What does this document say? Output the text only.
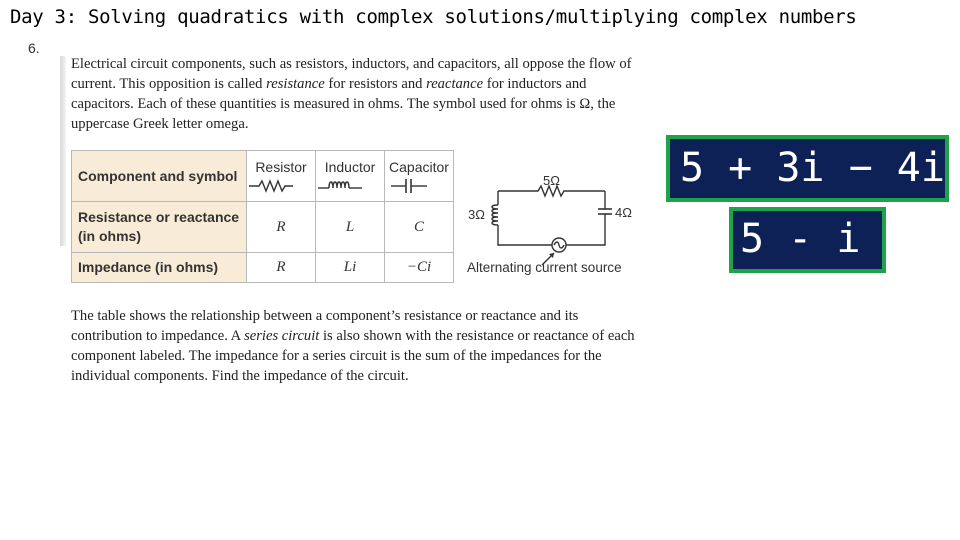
Day 3: Solving quadratics with complex solutions/multiplying complex numbers
6.

Electrical circuit components, such as resistors, inductors, and capacitors, all oppose the flow of current. This opposition is called resistance for resistors and reactance for inductors and capacitors. Each of these quantities is measured in ohms. The symbol used for ohms is Ω, the uppercase Greek letter omega.

Component and symbol	Resistor	Inductor	Capacitor

Resistance or reactance (in ohms)	R	L	C
Impedance (in ohms)	R	Li	−Ci
5Ω
3Ω	4Ω
Alternating current source

The table shows the relationship between a component’s resistance or reactance and its contribution to impedance. A series circuit is also shown with the resistance or reactance of each component labeled. The impedance for a series circuit is the sum of the impedances for the individual components. Find the impedance of the circuit.

5 + 3i − 4i
5 - i
